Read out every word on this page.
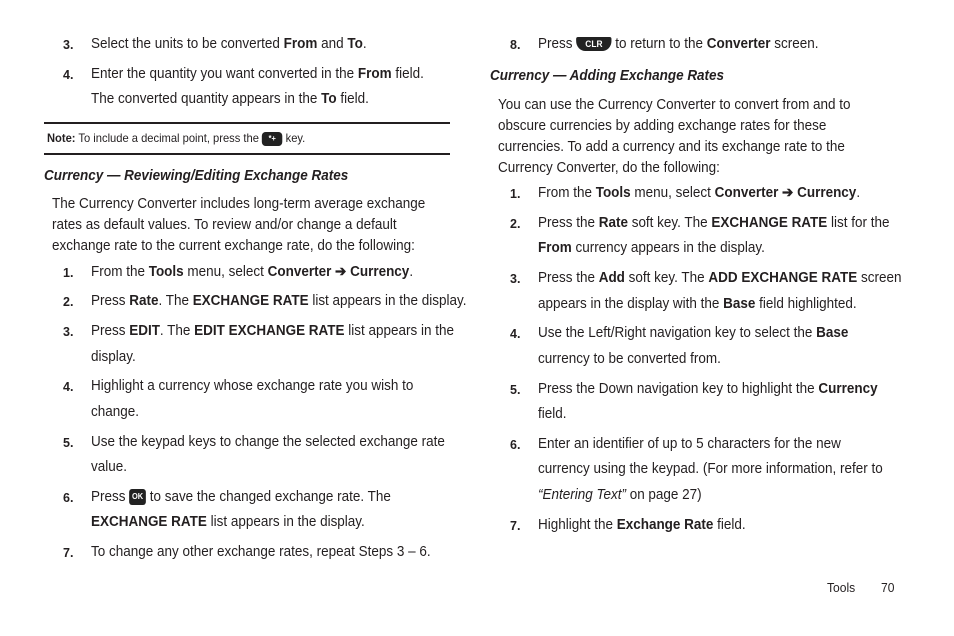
3. Select the units to be converted From and To.
4. Enter the quantity you want converted in the From field.
The converted quantity appears in the To field.
Note: To include a decimal point, press the *+ key.
Currency — Reviewing/Editing Exchange Rates
The Currency Converter includes long-term average exchange
rates as default values. To review and/or change a default
exchange rate to the current exchange rate, do the following:
1. From the Tools menu, select Converter ➔ Currency.
2. Press Rate. The EXCHANGE RATE list appears in the display.
3. Press EDIT. The EDIT EXCHANGE RATE list appears in the
display.
4. Highlight a currency whose exchange rate you wish to
change.
5. Use the keypad keys to change the selected exchange rate
value.
6. Press OK to save the changed exchange rate. The
EXCHANGE RATE list appears in the display.
7. To change any other exchange rates, repeat Steps 3 – 6.
8. Press CLR to return to the Converter screen.
Currency — Adding Exchange Rates
You can use the Currency Converter to convert from and to
obscure currencies by adding exchange rates for these
currencies. To add a currency and its exchange rate to the
Currency Converter, do the following:
1. From the Tools menu, select Converter ➔ Currency.
2. Press the Rate soft key. The EXCHANGE RATE list for the
From currency appears in the display.
3. Press the Add soft key. The ADD EXCHANGE RATE screen
appears in the display with the Base field highlighted.
4. Use the Left/Right navigation key to select the Base
currency to be converted from.
5. Press the Down navigation key to highlight the Currency
field.
6. Enter an identifier of up to 5 characters for the new
currency using the keypad. (For more information, refer to
“Entering Text” on page 27)
7. Highlight the Exchange Rate field.
Tools 70
